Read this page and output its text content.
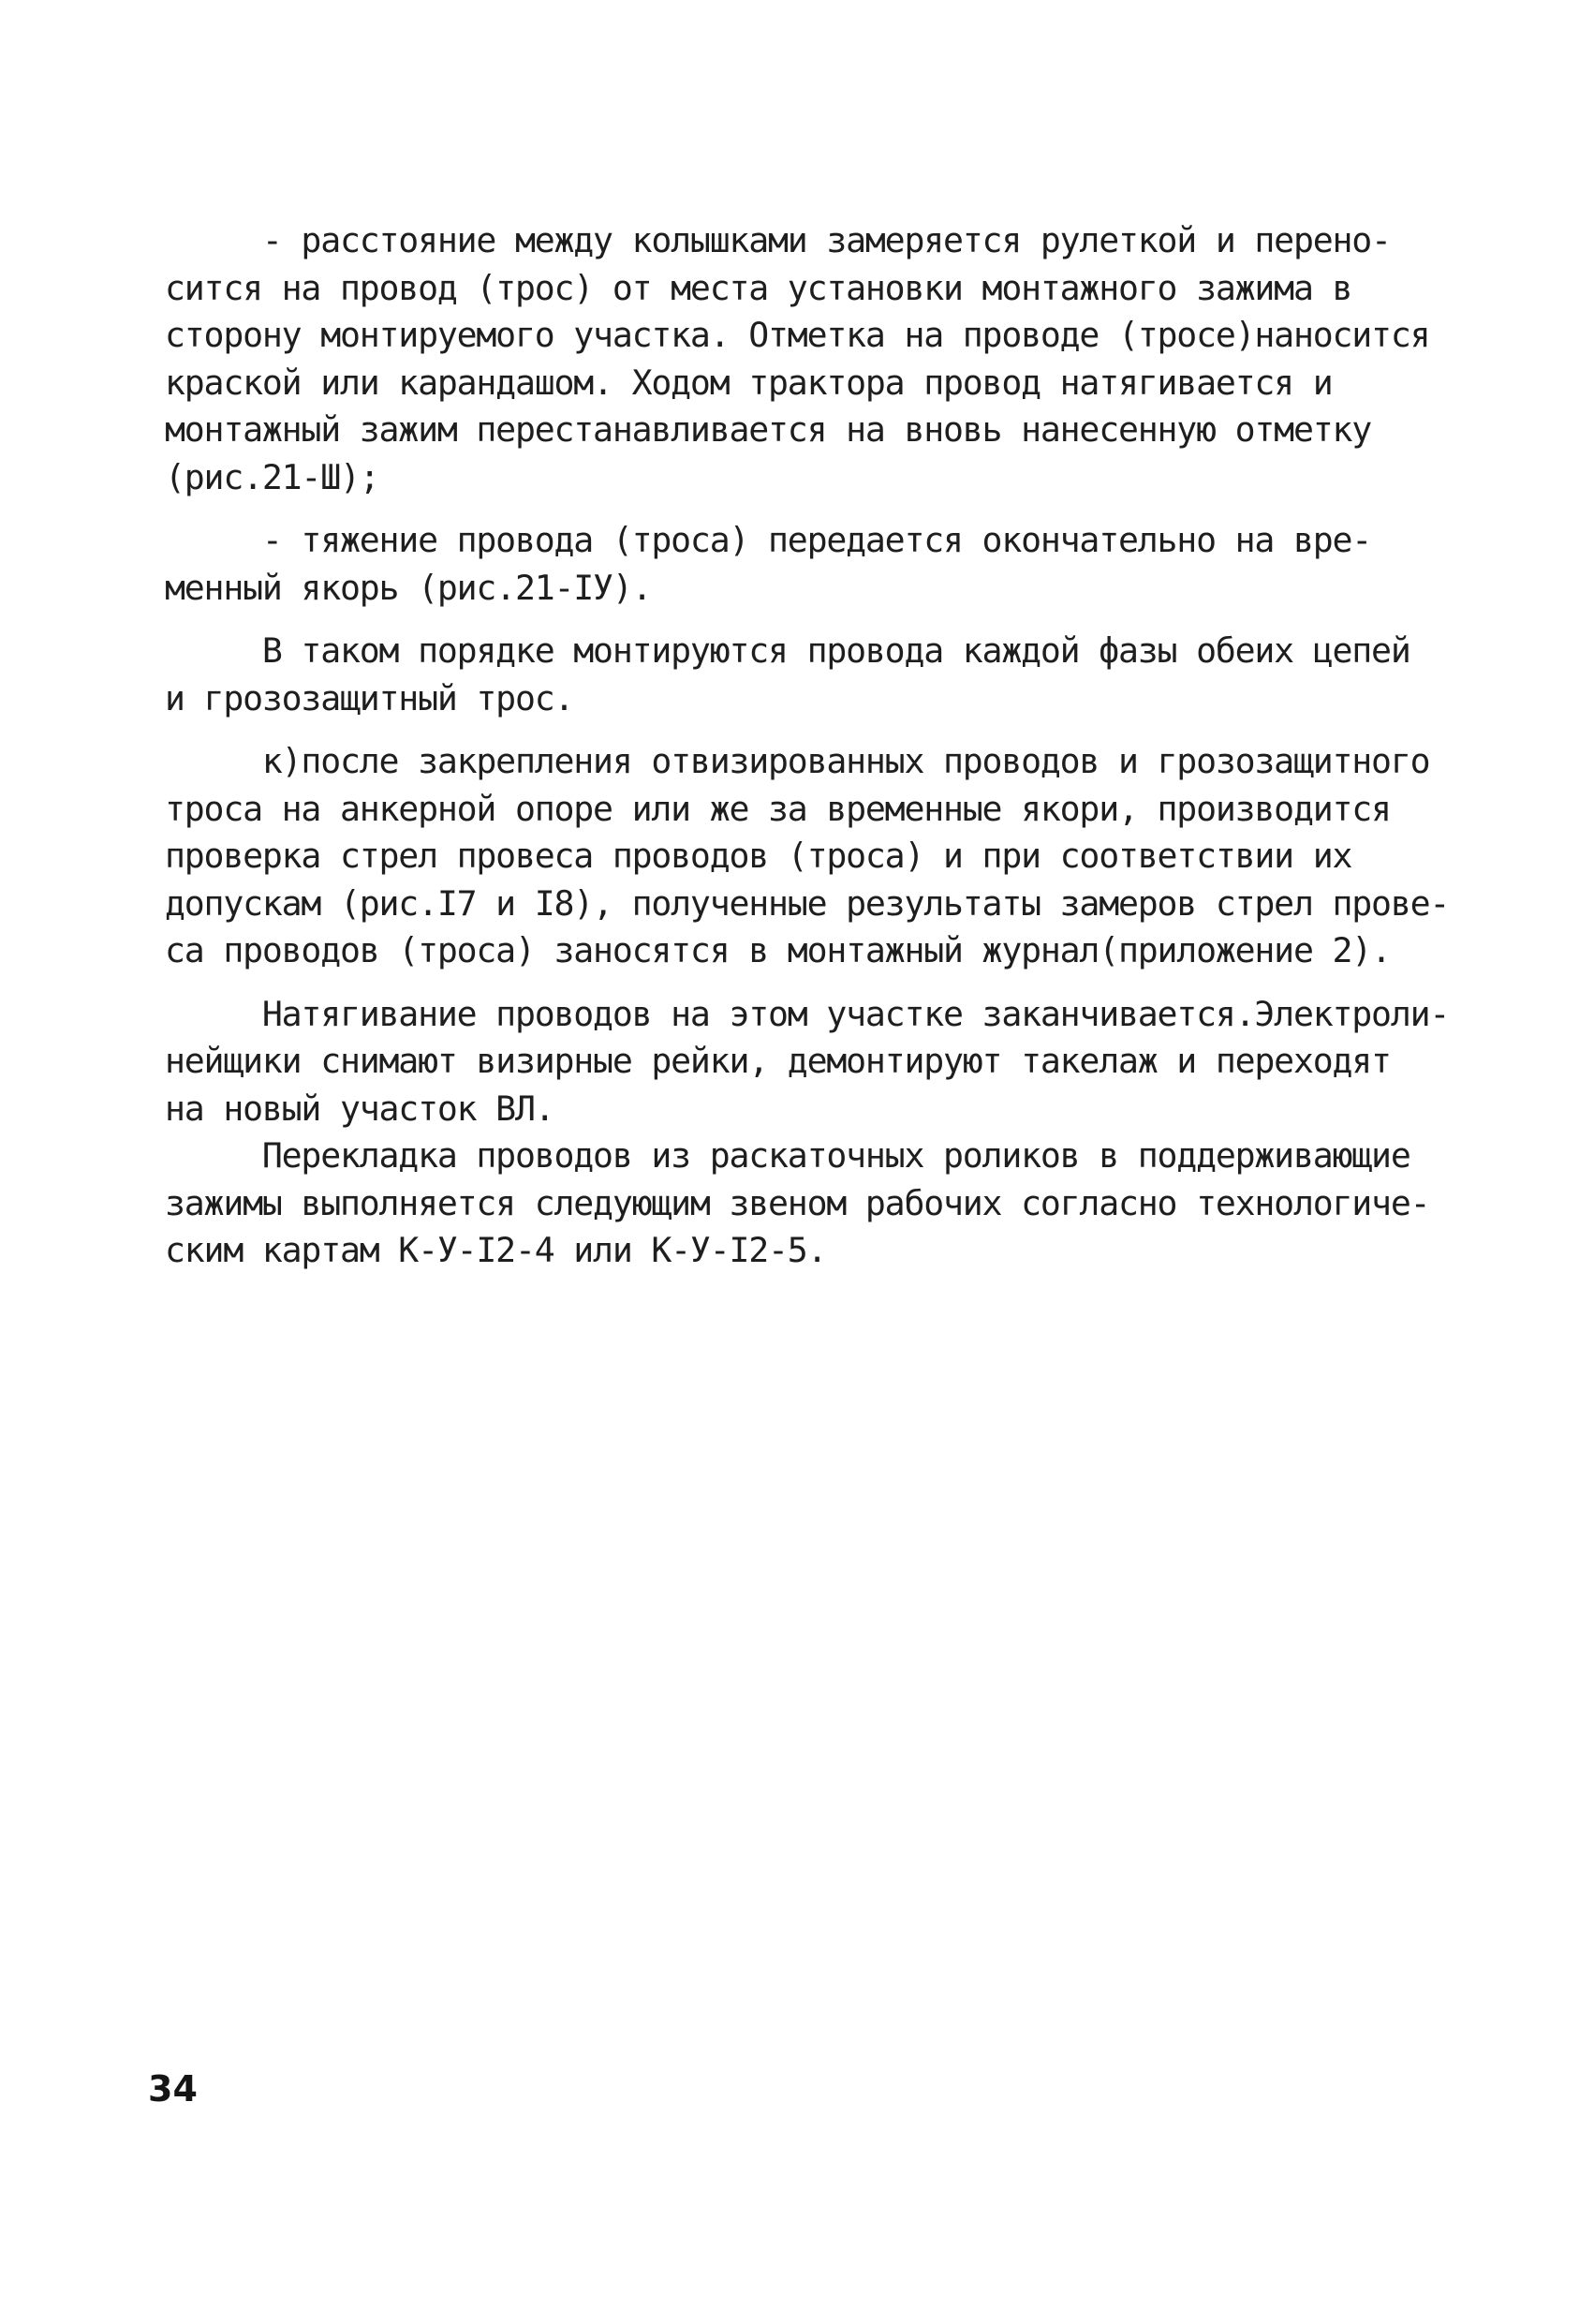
- расстояние между колышками замеряется рулеткой и перено-
ситcя на провод (трос) от места установки монтажного зажима в
сторону монтируемого участка. Отметка на проводе (тросе)наносится
краской или карандашом. Ходом трактора провод натягивается и
монтажный зажим перестанавливается на вновь нанесенную отметку
(рис.21-Ш);
- тяжение провода (троса) передается окончательно на вре-
менный якорь (рис.21-IУ).
В таком порядке монтируются провода каждой фазы обеих цепей
и грозозащитный трос.
к)после закрепления отвизированных проводов и грозозащитного
троса на анкерной опоре или же за временные якори, производится
проверка стрел провеса проводов (троса) и при соответствии их
допускам (рис.I7 и I8), полученные результаты замеров стрел прове-
са проводов (троса) заносятся в монтажный журнал(приложение 2).
Натягивание проводов на этом участке заканчивается.Электроли-
нейщики снимают визирные рейки, демонтируют такелаж и переходят
на новый участок ВЛ.
Перекладка проводов из раскаточных роликов в поддерживающие
зажимы выполняется следующим звеном рабочих согласно технологиче-
ским картам К-У-I2-4 или К-У-I2-5.
34
